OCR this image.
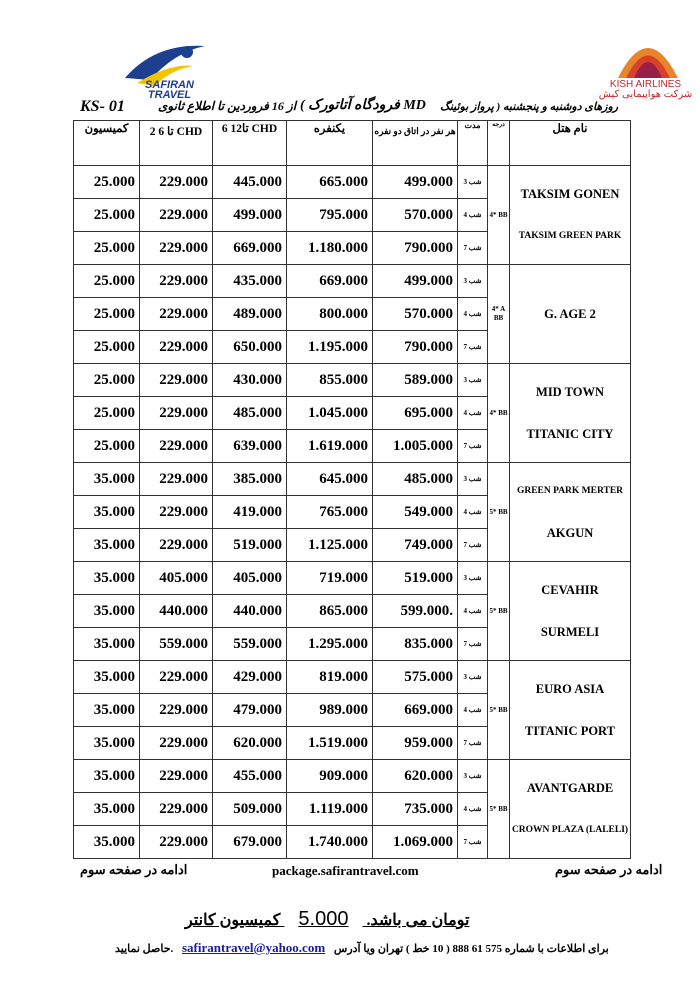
SAFIRAN
TRAVEL
KISH AIRLINES
شرکت هواپیمایی کیش
KS- 01	از 16 فروردین تا اطلاع ثانوی MD فرودگاه آتاتورک ) روزهای دوشنبه و پنجشنبه ( پرواز بوئینگ
کمیسیون	2 تا 6 CHD	6 تا12 CHD	یکنفره	هر نفر در اتاق دو نفره	مدت	درجه	نام هتل
25.000	229.000	445.000	665.000	499.000	3 شب	4* BB	TAKSIM GONEN
TAKSIM GREEN PARK

25.000	229.000	499.000	795.000	570.000	4 شب		
25.000	229.000	669.000	1.180.000	790.000	7 شب		
25.000	229.000	435.000	669.000	499.000	3 شب	4* A BB	G. AGE 2

25.000	229.000	489.000	800.000	570.000	4 شب		
25.000	229.000	650.000	1.195.000	790.000	7 شب		
25.000	229.000	430.000	855.000	589.000	3 شب	4* BB	MID TOWN
TITANIC CITY

25.000	229.000	485.000	1.045.000	695.000	4 شب		
25.000	229.000	639.000	1.619.000	1.005.000	7 شب		
35.000	229.000	385.000	645.000	485.000	3 شب	5* BB	GREEN PARK MERTER
AKGUN

35.000	229.000	419.000	765.000	549.000	4 شب		
35.000	229.000	519.000	1.125.000	749.000	7 شب		
35.000	405.000	405.000	719.000	519.000	3 شب	5* BB	CEVAHIR
SURMELI

35.000	440.000	440.000	865.000	599.000.	4 شب		
35.000	559.000	559.000	1.295.000	835.000	7 شب		
35.000	229.000	429.000	819.000	575.000	3 شب	5* BB	EURO ASIA
TITANIC PORT

35.000	229.000	479.000	989.000	669.000	4 شب		
35.000	229.000	620.000	1.519.000	959.000	7 شب		
35.000	229.000	455.000	909.000	620.000	3 شب	5* BB	AVANTGARDE
CROWN PLAZA (LALELI)

35.000	229.000	509.000	1.119.000	735.000	4 شب		
35.000	229.000	679.000	1.740.000	1.069.000	7 شب		
ادامه در صفحه سوم	package.safirantravel.com	ادامه در صفحه سوم
تومان می باشد. 5.000 کمیسیون کانتر
حاصل نمایید. safirantravel@yahoo.com برای اطلاعات با شماره 575 61 888 ( 10 خط ) تهران ویا آدرس
